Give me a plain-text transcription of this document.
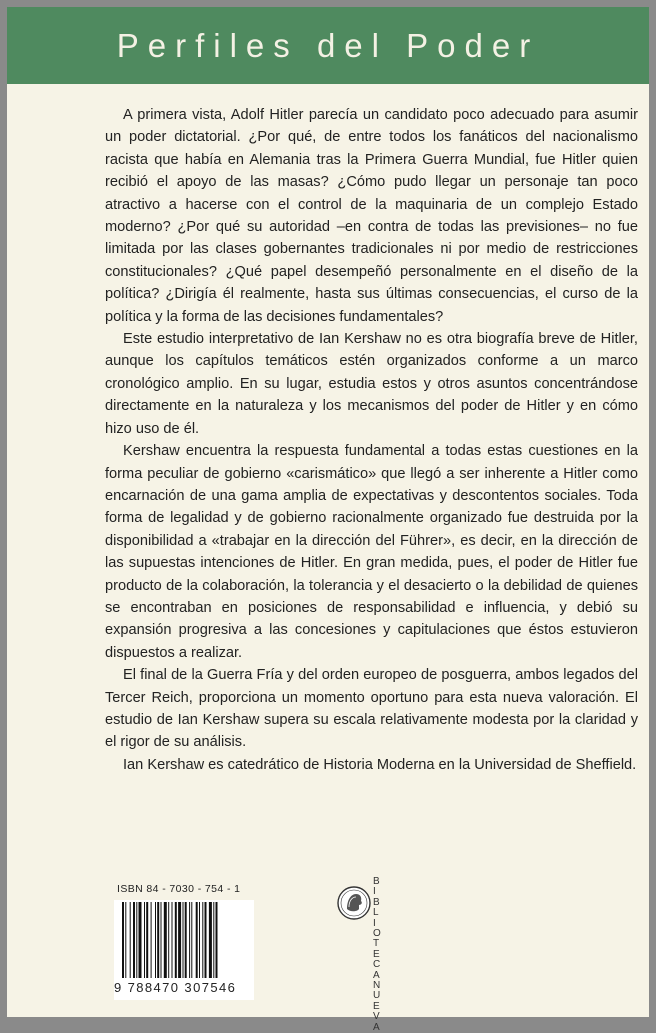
Perfiles del Poder

A primera vista, Adolf Hitler parecía un candidato poco adecuado para asumir un poder dictatorial. ¿Por qué, de entre todos los fanáticos del nacionalismo racista que había en Alemania tras la Primera Guerra Mundial, fue Hitler quien recibió el apoyo de las masas? ¿Cómo pudo llegar un personaje tan poco atractivo a hacerse con el control de la maquinaria de un complejo Estado moderno? ¿Por qué su autoridad –en contra de todas las previsiones– no fue limitada por las clases gobernantes tradicionales ni por medio de restricciones constitucionales? ¿Qué papel desempeñó personalmente en el diseño de la política? ¿Dirigía él realmente, hasta sus últimas consecuencias, el curso de la política y la forma de las decisiones fundamentales?

Este estudio interpretativo de Ian Kershaw no es otra biografía breve de Hitler, aunque los capítulos temáticos estén organizados conforme a un marco cronológico amplio. En su lugar, estudia estos y otros asuntos concentrándose directamente en la naturaleza y los mecanismos del poder de Hitler y en cómo hizo uso de él.

Kershaw encuentra la respuesta fundamental a todas estas cuestiones en la forma peculiar de gobierno «carismático» que llegó a ser inherente a Hitler como encarnación de una gama amplia de expectativas y descontentos sociales. Toda forma de legalidad y de gobierno racionalmente organizado fue destruida por la disponibilidad a «trabajar en la dirección del Führer», es decir, en la dirección de las supuestas intenciones de Hitler. En gran medida, pues, el poder de Hitler fue producto de la colaboración, la tolerancia y el desacierto o la debilidad de quienes se encontraban en posiciones de responsabilidad e influencia, y debió su expansión progresiva a las concesiones y capitulaciones que éstos estuvieron dispuestos a realizar.

El final de la Guerra Fría y del orden europeo de posguerra, ambos legados del Tercer Reich, proporciona un momento oportuno para esta nueva valoración. El estudio de Ian Kershaw supera su escala relativamente modesta por la claridad y el rigor de su análisis.

Ian Kershaw es catedrático de Historia Moderna en la Universidad de Sheffield.

ISBN 84 - 7030 - 754 - 1
9 788470 307546
B
I
B
L
I
O
T
E
C
A
N
U
E
V
A
